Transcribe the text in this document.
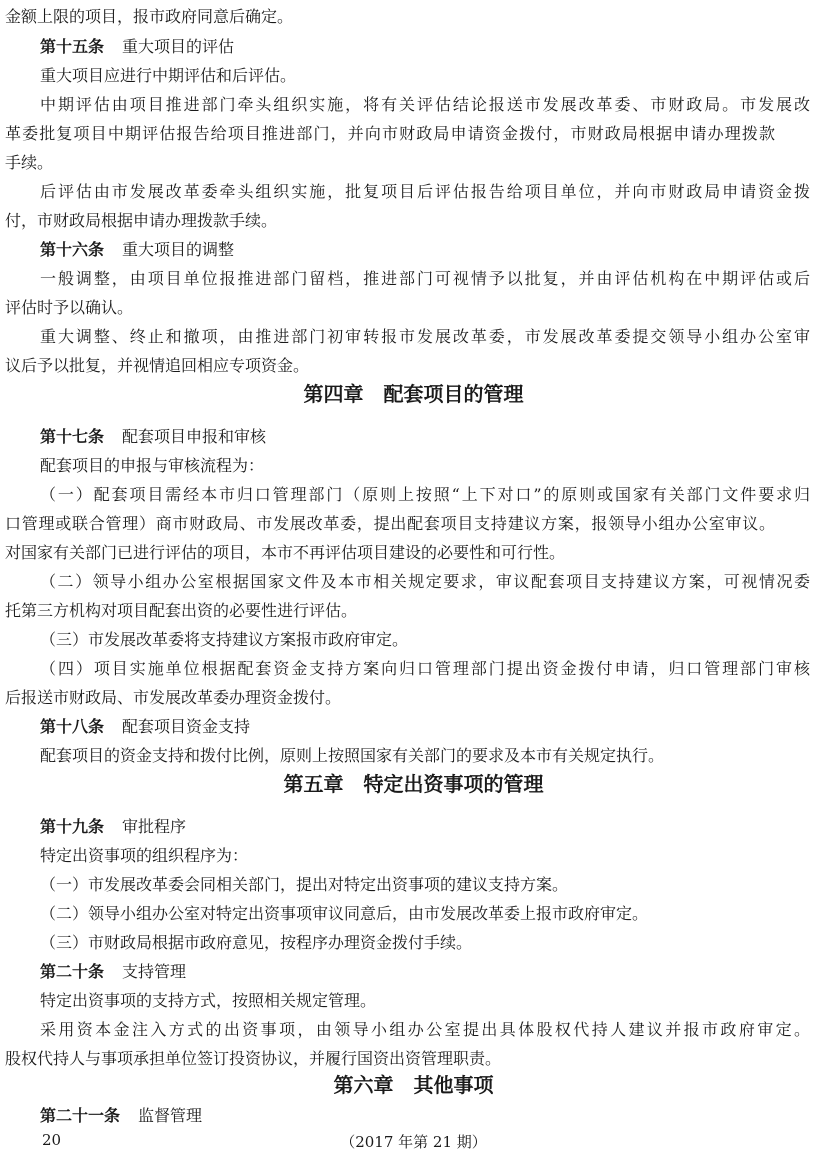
金额上限的项目，报市政府同意后确定。
第十五条 重大项目的评估
重大项目应进行中期评估和后评估。
中期评估由项目推进部门牵头组织实施，将有关评估结论报送市发展改革委、市财政局。市发展改
革委批复项目中期评估报告给项目推进部门，并向市财政局申请资金拨付，市财政局根据申请办理拨款
手续。
后评估由市发展改革委牵头组织实施，批复项目后评估报告给项目单位，并向市财政局申请资金拨
付，市财政局根据申请办理拨款手续。
第十六条 重大项目的调整
一般调整，由项目单位报推进部门留档，推进部门可视情予以批复，并由评估机构在中期评估或后
评估时予以确认。
重大调整、终止和撤项，由推进部门初审转报市发展改革委，市发展改革委提交领导小组办公室审
议后予以批复，并视情追回相应专项资金。
第四章　配套项目的管理
第十七条 配套项目申报和审核
配套项目的申报与审核流程为：
（一）配套项目需经本市归口管理部门（原则上按照“上下对口”的原则或国家有关部门文件要求归
口管理或联合管理）商市财政局、市发展改革委，提出配套项目支持建议方案，报领导小组办公室审议。
对国家有关部门已进行评估的项目，本市不再评估项目建设的必要性和可行性。
（二）领导小组办公室根据国家文件及本市相关规定要求，审议配套项目支持建议方案，可视情况委
托第三方机构对项目配套出资的必要性进行评估。
（三）市发展改革委将支持建议方案报市政府审定。
（四）项目实施单位根据配套资金支持方案向归口管理部门提出资金拨付申请，归口管理部门审核
后报送市财政局、市发展改革委办理资金拨付。
第十八条 配套项目资金支持
配套项目的资金支持和拨付比例，原则上按照国家有关部门的要求及本市有关规定执行。
第五章　特定出资事项的管理
第十九条 审批程序
特定出资事项的组织程序为：
（一）市发展改革委会同相关部门，提出对特定出资事项的建议支持方案。
（二）领导小组办公室对特定出资事项审议同意后，由市发展改革委上报市政府审定。
（三）市财政局根据市政府意见，按程序办理资金拨付手续。
第二十条 支持管理
特定出资事项的支持方式，按照相关规定管理。
采用资本金注入方式的出资事项，由领导小组办公室提出具体股权代持人建议并报市政府审定。
股权代持人与事项承担单位签订投资协议，并履行国资出资管理职责。
第六章　其他事项
第二十一条 监督管理
20	（2017 年第 21 期）
